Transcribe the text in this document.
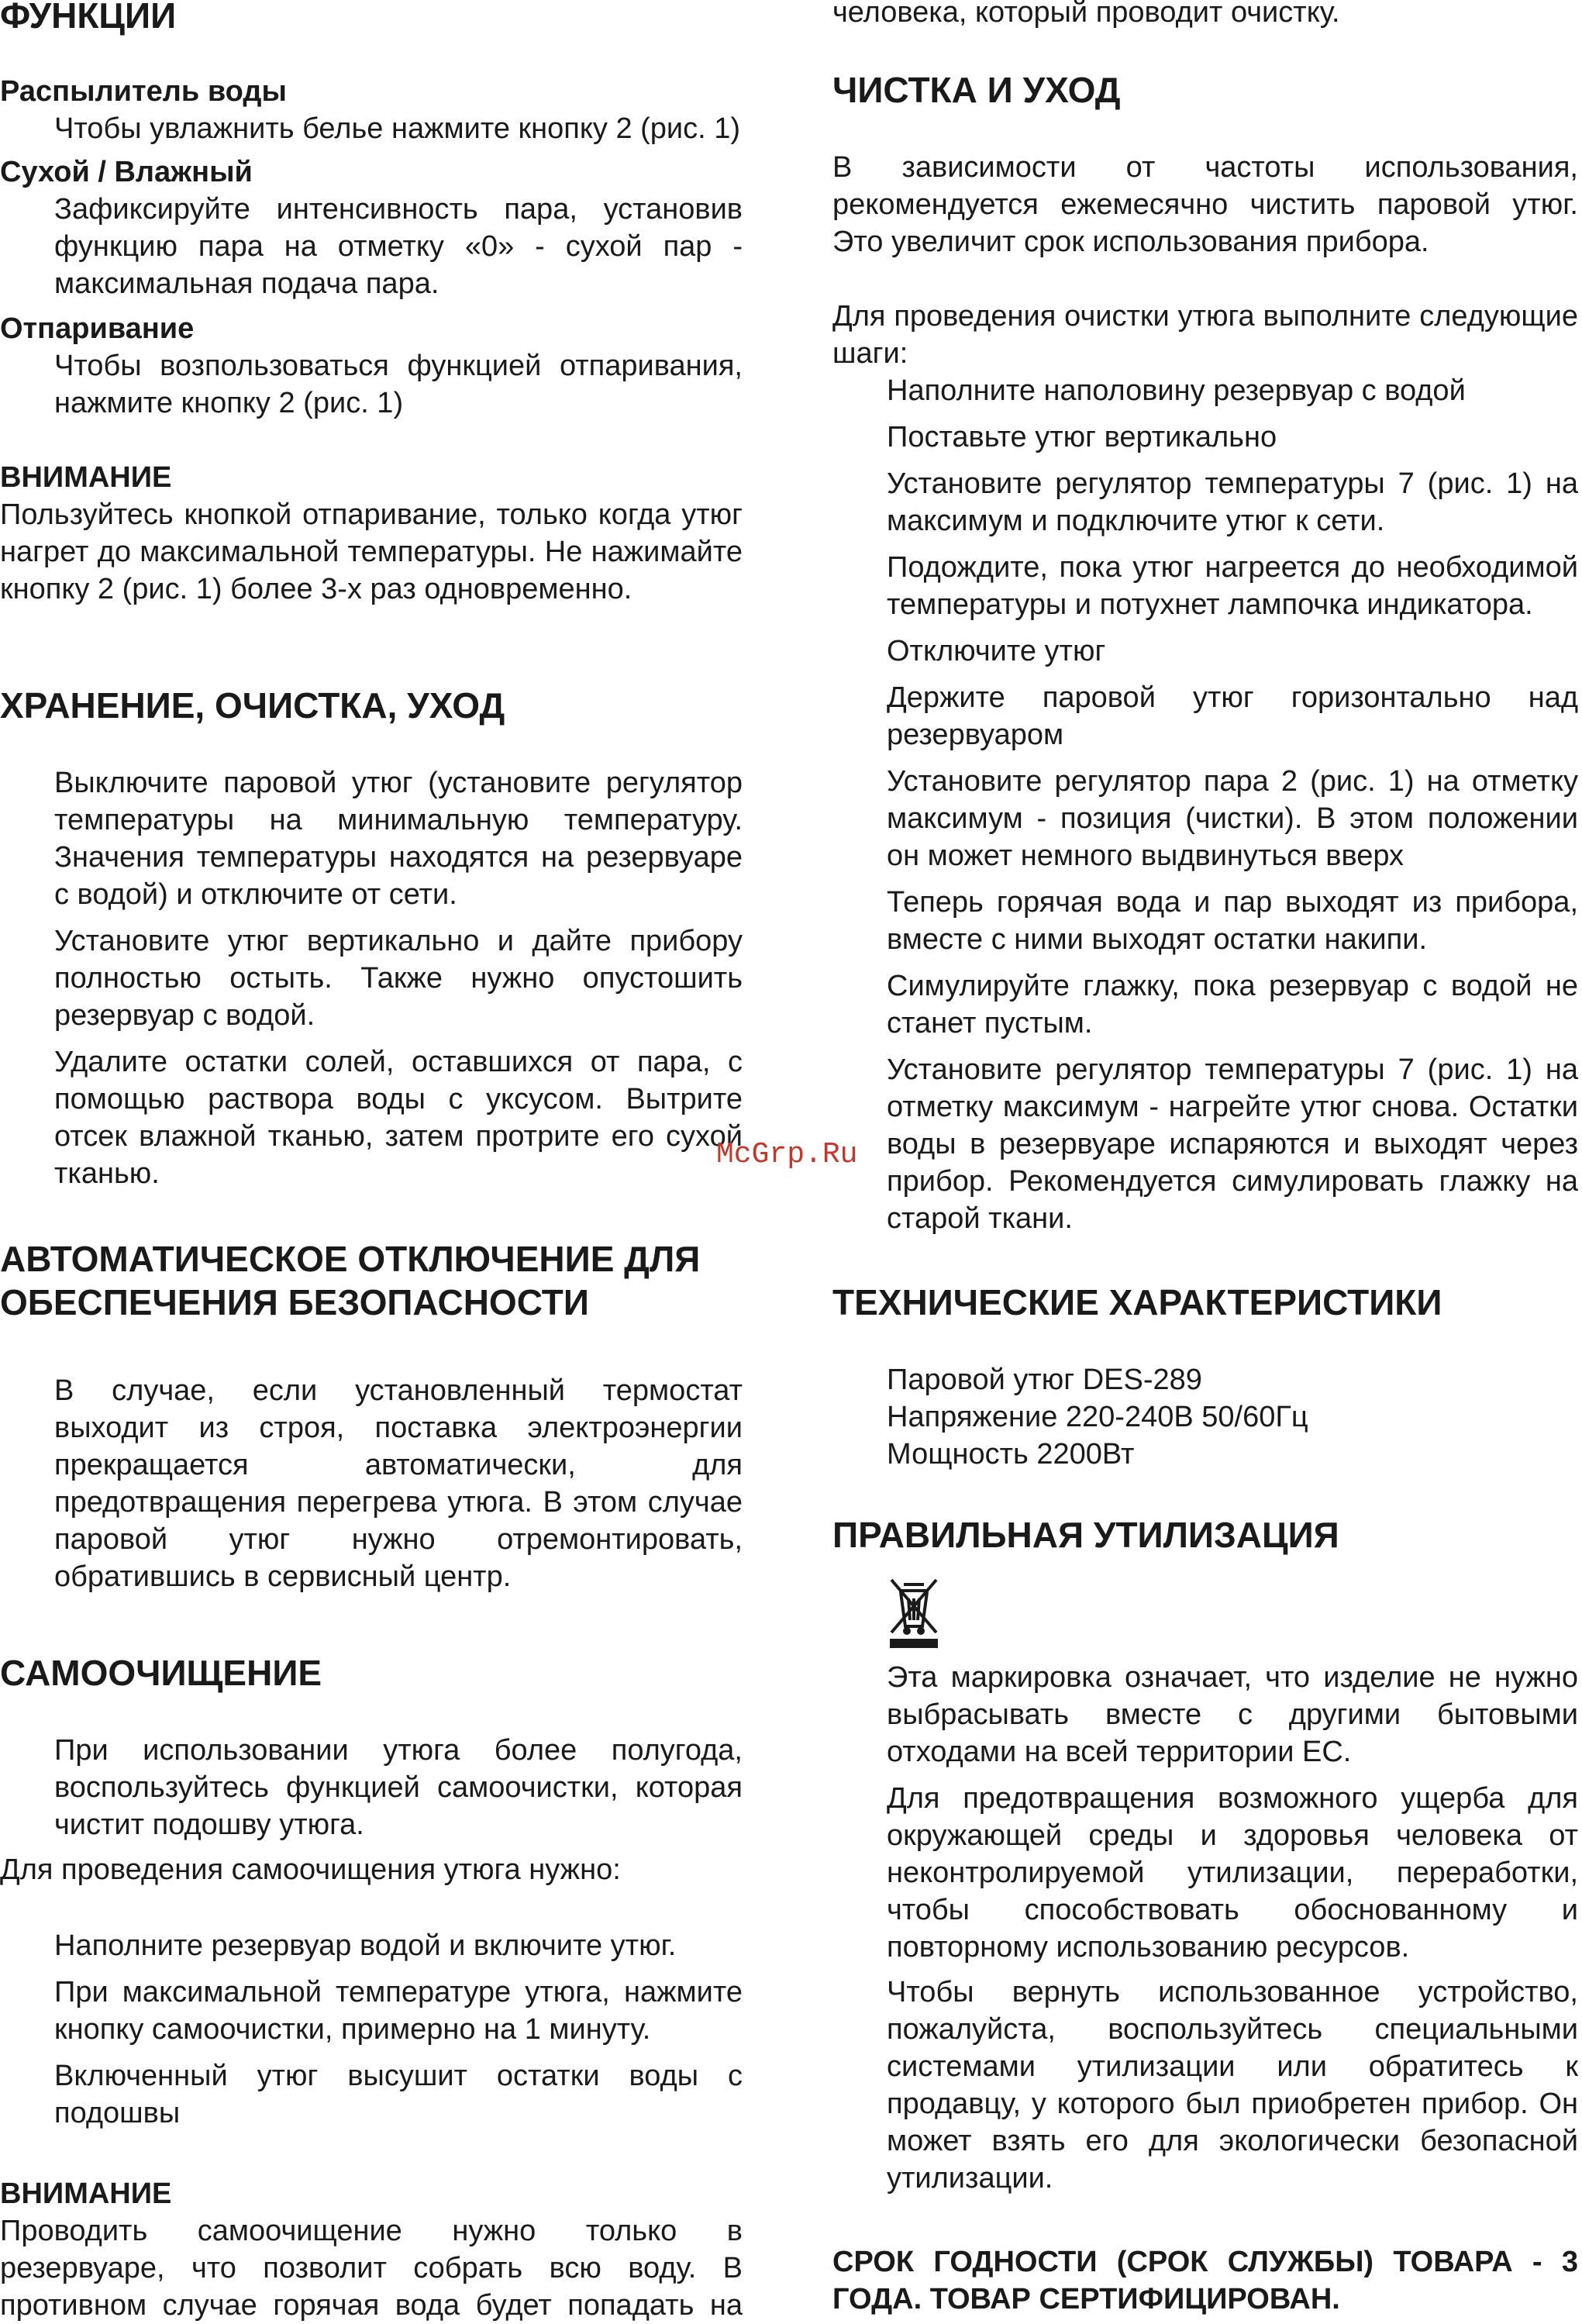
ФУНКЦИИ
Распылитель воды
Чтобы увлажнить белье нажмите кнопку 2 (рис. 1)
Сухой / Влажный
Зафиксируйте интенсивность пара, установив функцию пара на отметку «0» - сухой пар - максимальная подача пара.
Отпаривание
Чтобы возпользоваться функцией отпаривания, нажмите кнопку 2 (рис. 1)
ВНИМАНИЕ
Пользуйтесь кнопкой отпаривание, только когда утюг нагрет до максимальной температуры. Не нажимайте кнопку 2 (рис. 1) более 3-х раз одновременно.
ХРАНЕНИЕ, ОЧИСТКА, УХОД
Выключите паровой утюг (установите регулятор температуры на минимальную температуру. Значения температуры находятся на резервуаре с водой) и отключите от сети.
Установите утюг вертикально и дайте прибору полностью остыть. Также нужно опустошить резервуар с водой.
Удалите остатки солей, оставшихся от пара, с помощью раствора воды с уксусом. Вытрите отсек влажной тканью, затем протрите его сухой тканью.
АВТОМАТИЧЕСКОЕ ОТКЛЮЧЕНИЕ ДЛЯ ОБЕСПЕЧЕНИЯ БЕЗОПАСНОСТИ
В случае, если установленный термостат выходит из строя, поставка электроэнергии прекращается автоматически, для предотвращения перегрева утюга. В этом случае паровой утюг нужно отремонтировать, обратившись в сервисный центр.
САМООЧИЩЕНИЕ
При использовании утюга более полугода, воспользуйтесь функцией самоочистки, которая чистит подошву утюга.
Для проведения самоочищения утюга нужно:
Наполните резервуар водой и включите утюг.
При максимальной температуре утюга, нажмите кнопку самоочистки, примерно на 1 минуту.
Включенный утюг высушит остатки воды с подошвы
ВНИМАНИЕ
Проводить самоочищение нужно только в резервуаре, что позволит собрать всю воду. В противном случае горячая вода будет попадать на
человека, который проводит очистку.
ЧИСТКА И УХОД
В зависимости от частоты использования, рекомендуется ежемесячно чистить паровой утюг. Это увеличит срок использования прибора.
Для проведения очистки утюга выполните следующие шаги:
Наполните наполовину резервуар с водой
Поставьте утюг вертикально
Установите регулятор температуры 7 (рис. 1) на максимум и подключите утюг к сети.
Подождите, пока утюг нагреется до необходимой температуры и потухнет лампочка индикатора.
Отключите утюг
Держите паровой утюг горизонтально над резервуаром
Установите регулятор пара 2 (рис. 1) на отметку максимум - позиция (чистки). В этом положении он может немного выдвинуться вверх
Теперь горячая вода и пар выходят из прибора, вместе с ними выходят остатки накипи.
Симулируйте глажку, пока резервуар с водой не станет пустым.
Установите регулятор температуры 7 (рис. 1) на отметку максимум - нагрейте утюг снова. Остатки воды в резервуаре испаряются и выходят через прибор. Рекомендуется симулировать глажку на старой ткани.
ТЕХНИЧЕСКИЕ ХАРАКТЕРИСТИКИ
Паровой утюг DES-289
Напряжение 220-240В 50/60Гц
Мощность 2200Вт
ПРАВИЛЬНАЯ УТИЛИЗАЦИЯ
Эта маркировка означает, что изделие не нужно выбрасывать вместе с другими бытовыми отходами на всей территории ЕС.
Для предотвращения возможного ущерба для окружающей среды и здоровья человека от неконтролируемой утилизации, переработки, чтобы способствовать обоснованному и повторному использованию ресурсов.
Чтобы вернуть использованное устройство, пожалуйста, воспользуйтесь специальными системами утилизации или обратитесь к продавцу, у которого был приобретен прибор. Он может взять его для экологически безопасной утилизации.
СРОК ГОДНОСТИ (СРОК СЛУЖБЫ) ТОВАРА - 3 ГОДА. ТОВАР СЕРТИФИЦИРОВАН.
McGrp.Ru
